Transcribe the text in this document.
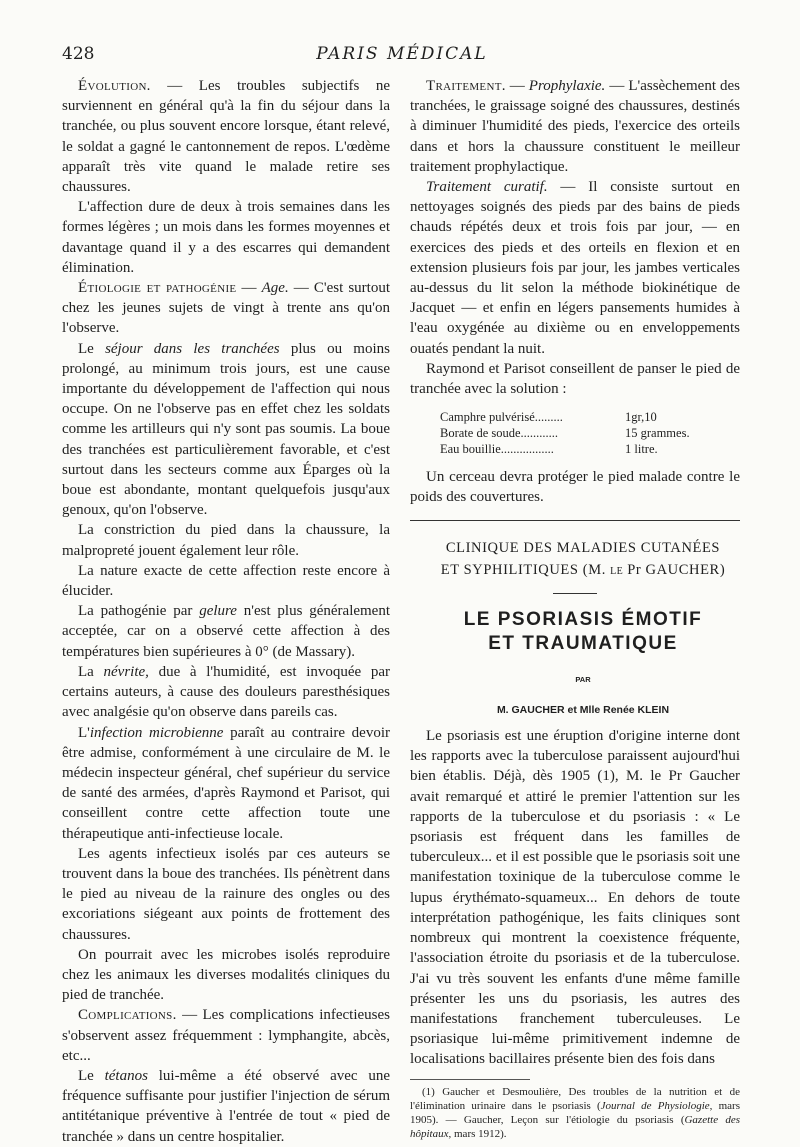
428	PARIS MÉDICAL

Évolution. — Les troubles subjectifs ne surviennent en général qu'à la fin du séjour dans la tranchée, ou plus souvent encore lorsque, étant relevé, le soldat a gagné le cantonnement de repos. L'œdème apparaît très vite quand le malade retire ses chaussures.

L'affection dure de deux à trois semaines dans les formes légères ; un mois dans les formes moyennes et davantage quand il y a des escarres qui demandent élimination.

Étiologie et pathogénie — Age. — C'est surtout chez les jeunes sujets de vingt à trente ans qu'on l'observe.

Le séjour dans les tranchées plus ou moins prolongé, au minimum trois jours, est une cause importante du développement de l'affection qui nous occupe. On ne l'observe pas en effet chez les soldats comme les artilleurs qui n'y sont pas soumis. La boue des tranchées est particulièrement favorable, et c'est surtout dans les secteurs comme aux Éparges où la boue est abondante, montant quelquefois jusqu'aux genoux, qu'on l'observe.

La constriction du pied dans la chaussure, la malpropreté jouent également leur rôle.

La nature exacte de cette affection reste encore à élucider.

La pathogénie par gelure n'est plus généralement acceptée, car on a observé cette affection à des températures bien supérieures à 0° (de Massary).

La névrite, due à l'humidité, est invoquée par certains auteurs, à cause des douleurs paresthésiques avec analgésie qu'on observe dans pareils cas.

L'infection microbienne paraît au contraire devoir être admise, conformément à une circulaire de M. le médecin inspecteur général, chef supérieur du service de santé des armées, d'après Raymond et Parisot, qui conseillent contre cette affection toute une thérapeutique anti-infectieuse locale.

Les agents infectieux isolés par ces auteurs se trouvent dans la boue des tranchées. Ils pénètrent dans le pied au niveau de la rainure des ongles ou des excoriations siégeant aux points de frottement des chaussures.

On pourrait avec les microbes isolés reproduire chez les animaux les diverses modalités cliniques du pied de tranchée.

Complications. — Les complications infectieuses s'observent assez fréquemment : lymphangite, abcès, etc...

Le tétanos lui-même a été observé avec une fréquence suffisante pour justifier l'injection de sérum antitétanique préventive à l'entrée de tout « pied de tranchée » dans un centre hospitalier.

Traitement. — Prophylaxie. — L'assèchement des tranchées, le graissage soigné des chaussures, destinés à diminuer l'humidité des pieds, l'exercice des orteils dans et hors la chaussure constituent le meilleur traitement prophylactique.

Traitement curatif. — Il consiste surtout en nettoyages soignés des pieds par des bains de pieds chauds répétés deux et trois fois par jour, — en exercices des pieds et des orteils en flexion et en extension plusieurs fois par jour, les jambes verticales au-dessus du lit selon la méthode biokinétique de Jacquet — et enfin en légers pansements humides à l'eau oxygénée au dixième ou en enveloppements ouatés pendant la nuit.

Raymond et Parisot conseillent de panser le pied de tranchée avec la solution :

Camphre pulvérisé.........	1gr,10
Borate de soude............	15 grammes.
Eau bouillie.................	1 litre.

Un cerceau devra protéger le pied malade contre le poids des couvertures.

CLINIQUE DES MALADIES CUTANÉES

ET SYPHILITIQUES (M. le Pr GAUCHER)

LE PSORIASIS ÉMOTIF

ET TRAUMATIQUE

PAR

M. GAUCHER et Mlle Renée KLEIN

Le psoriasis est une éruption d'origine interne dont les rapports avec la tuberculose paraissent aujourd'hui bien établis. Déjà, dès 1905 (1), M. le Pr Gaucher avait remarqué et attiré le premier l'attention sur les rapports de la tuberculose et du psoriasis : « Le psoriasis est fréquent dans les familles de tuberculeux... et il est possible que le psoriasis soit une manifestation toxinique de la tuberculose comme le lupus érythémato-squameux... En dehors de toute interprétation pathogénique, les faits cliniques sont nombreux qui montrent la coexistence fréquente, l'association étroite du psoriasis et de la tuberculose. J'ai vu très souvent les enfants d'une même famille présenter les uns du psoriasis, les autres des manifestations franchement tuberculeuses. Le psoriasique lui-même primitivement indemne de localisations bacillaires présente bien des fois dans

(1) Gaucher et Desmoulière, Des troubles de la nutrition et de l'élimination urinaire dans le psoriasis (Journal de Physiologie, mars 1905). — Gaucher, Leçon sur l'étiologie du psoriasis (Gazette des hôpitaux, mars 1912).
